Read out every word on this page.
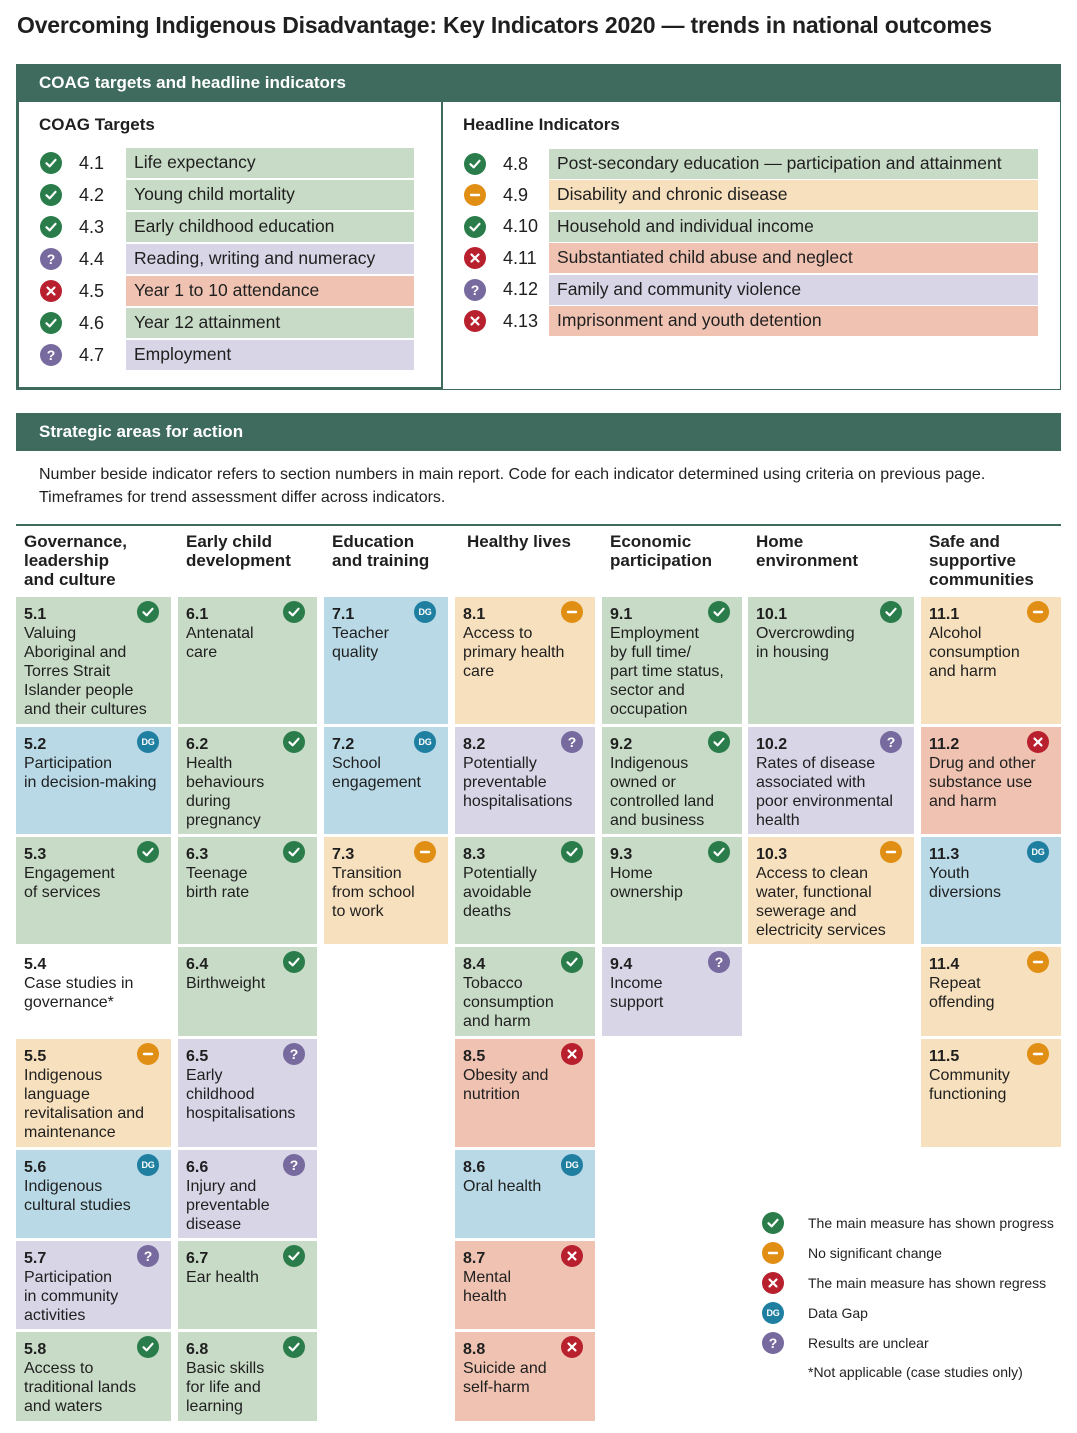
Overcoming Indigenous Disadvantage: Key Indicators 2020 — trends in national outcomes
COAG targets and headline indicators
COAG Targets	Headline Indicators
4.1	Life expectancy
4.2	Young child mortality
4.3	Early childhood education
?	4.4	Reading, writing and numeracy
4.5	Year 1 to 10 attendance
4.6	Year 12 attainment
?	4.7	Employment
4.8	Post-secondary education — participation and attainment
4.9	Disability and chronic disease
4.10	Household and individual income
4.11	Substantiated child abuse and neglect
?	4.12	Family and community violence
4.13	Imprisonment and youth detention
Strategic areas for action
Number beside indicator refers to section numbers in main report. Code for each indicator determined using criteria on previous page.
Timeframes for trend assessment differ across indicators.
Governance,
leadership
and culture
5.1
Valuing
Aboriginal and
Torres Strait
Islander people
and their cultures
5.2
Participation
in decision-making
DG
5.3
Engagement
of services
5.4
Case studies in
governance*
5.5
Indigenous
language
revitalisation and
maintenance
5.6
Indigenous
cultural studies
DG
5.7
Participation
in community
activities
?
5.8
Access to
traditional lands
and waters
Early child
development
6.1
Antenatal
care
6.2
Health
behaviours
during
pregnancy
6.3
Teenage
birth rate
6.4
Birthweight
6.5
Early
childhood
hospitalisations
?
6.6
Injury and
preventable
disease
?
6.7
Ear health
6.8
Basic skills
for life and
learning
Education
and training
7.1
Teacher
quality
DG
7.2
School
engagement
DG
7.3
Transition
from school
to work
Healthy lives
8.1
Access to
primary health
care
8.2
Potentially
preventable
hospitalisations
?
8.3
Potentially
avoidable
deaths
8.4
Tobacco
consumption
and harm
8.5
Obesity and
nutrition
8.6
Oral health
DG
8.7
Mental
health
8.8
Suicide and
self-harm
Economic
participation
9.1
Employment
by full time/
part time status,
sector and
occupation
9.2
Indigenous
owned or
controlled land
and business
9.3
Home
ownership
9.4
Income
support
?
Home
environment
10.1
Overcrowding
in housing
10.2
Rates of disease
associated with
poor environmental
health
?
10.3
Access to clean
water, functional
sewerage and
electricity services
Safe and
supportive
communities
11.1
Alcohol
consumption
and harm
11.2
Drug and other
substance use
and harm
11.3
Youth
diversions
DG
11.4
Repeat
offending
11.5
Community
functioning
The main measure has shown progress
No significant change
The main measure has shown regress
DG	Data Gap
?	Results are unclear
*Not applicable (case studies only)
